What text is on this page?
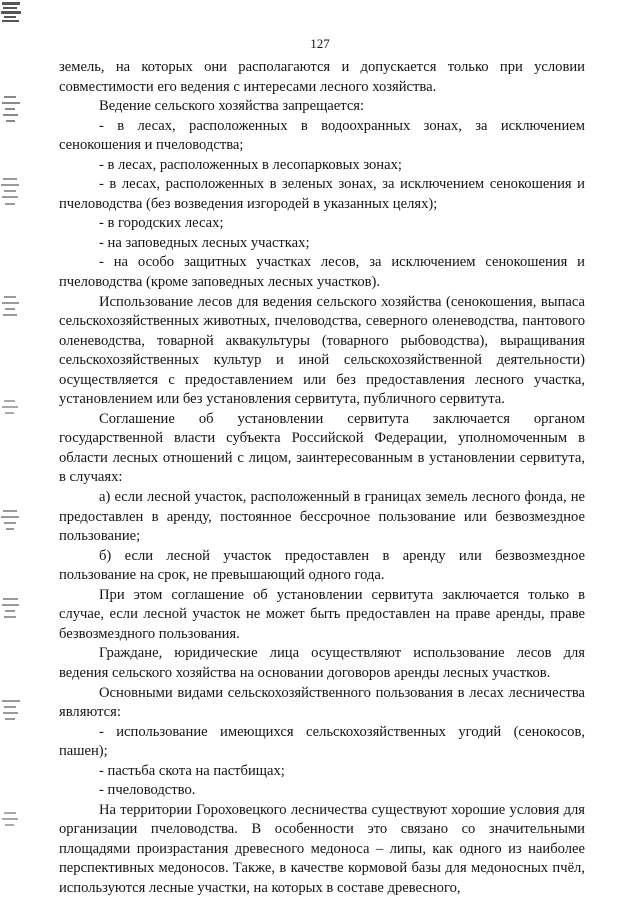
127

земель, на которых они располагаются и допускается только при условии совместимости его ведения с интересами лесного хозяйства.

Ведение сельского хозяйства запрещается:

- в лесах, расположенных в водоохранных зонах, за исключением сенокошения и пчеловодства;

- в лесах, расположенных в лесопарковых зонах;

- в лесах, расположенных в зеленых зонах, за исключением сенокошения и пчеловодства (без возведения изгородей в указанных целях);

- в городских лесах;

- на заповедных лесных участках;

- на особо защитных участках лесов, за исключением сенокошения и пчеловодства (кроме заповедных лесных участков).

Использование лесов для ведения сельского хозяйства (сенокошения, выпаса сельскохозяйственных животных, пчеловодства, северного оленеводства, пантового оленеводства, товарной аквакультуры (товарного рыбоводства), выращивания сельскохозяйственных культур и иной сельскохозяйственной деятельности) осуществляется с предоставлением или без предоставления лесного участка, установлением или без установления сервитута, публичного сервитута.

Соглашение об установлении сервитута заключается органом государственной власти субъекта Российской Федерации, уполномоченным в области лесных отношений с лицом, заинтересованным в установлении сервитута, в случаях:

а) если лесной участок, расположенный в границах земель лесного фонда, не предоставлен в аренду, постоянное бессрочное пользование или безвозмездное пользование;

б) если лесной участок предоставлен в аренду или безвозмездное пользование на срок, не превышающий одного года.

При этом соглашение об установлении сервитута заключается только в случае, если лесной участок не может быть предоставлен на праве аренды, праве безвозмездного пользования.

Граждане, юридические лица осуществляют использование лесов для ведения сельского хозяйства на основании договоров аренды лесных участков.

Основными видами сельскохозяйственного пользования в лесах лесничества являются:

- использование имеющихся сельскохозяйственных угодий (сенокосов, пашен);

- пастьба скота на пастбищах;

- пчеловодство.

На территории Гороховецкого лесничества существуют хорошие условия для организации пчеловодства. В особенности это связано со значительными площадями произрастания древесного медоноса – липы, как одного из наиболее перспективных медоносов. Также, в качестве кормовой базы для медоносных пчёл, используются лесные участки, на которых в составе древесного,
